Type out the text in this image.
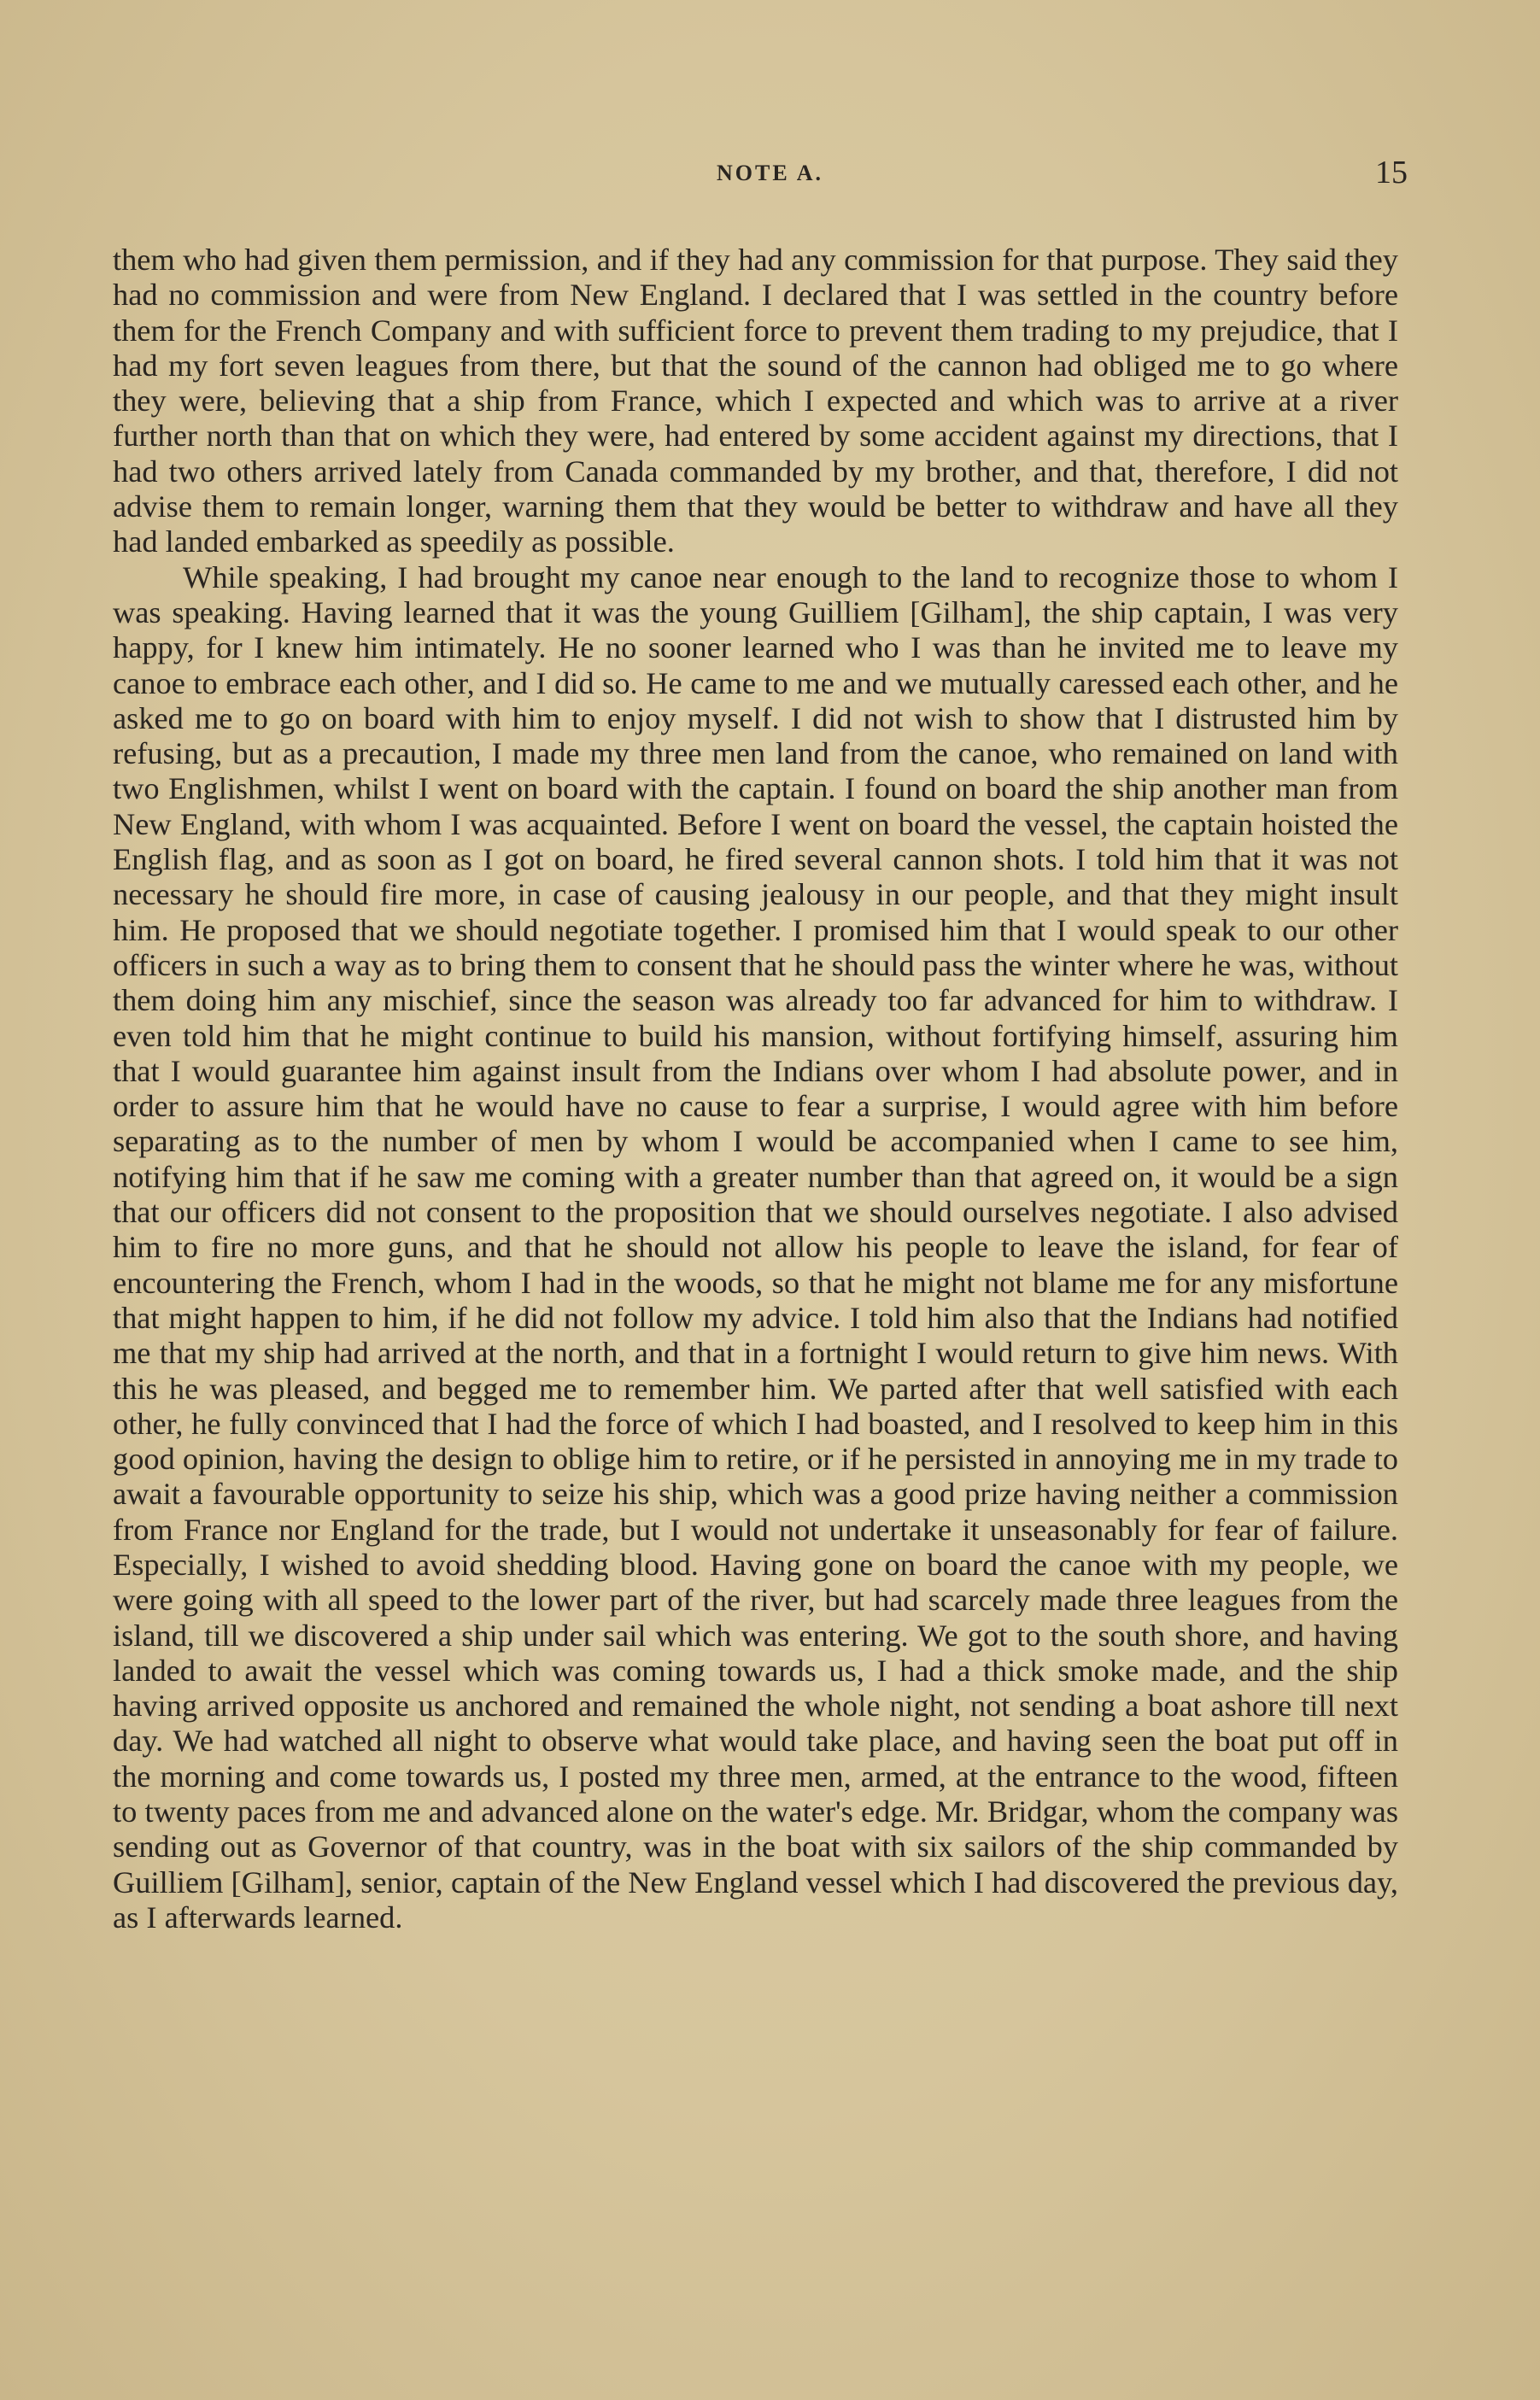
NOTE A.	15

them who had given them permission, and if they had any commission for that purpose. They said they had no commission and were from New England. I declared that I was settled in the country before them for the French Company and with sufficient force to prevent them trading to my prejudice, that I had my fort seven leagues from there, but that the sound of the cannon had obliged me to go where they were, believing that a ship from France, which I expected and which was to arrive at a river further north than that on which they were, had entered by some accident against my directions, that I had two others arrived lately from Canada commanded by my brother, and that, therefore, I did not advise them to remain longer, warning them that they would be better to withdraw and have all they had landed embarked as speedily as possible.

While speaking, I had brought my canoe near enough to the land to recognize those to whom I was speaking. Having learned that it was the young Guilliem [Gilham], the ship captain, I was very happy, for I knew him intimately. He no sooner learned who I was than he invited me to leave my canoe to embrace each other, and I did so. He came to me and we mutually caressed each other, and he asked me to go on board with him to enjoy myself. I did not wish to show that I distrusted him by refusing, but as a precaution, I made my three men land from the canoe, who remained on land with two Englishmen, whilst I went on board with the captain. I found on board the ship another man from New England, with whom I was acquainted. Before I went on board the vessel, the captain hoisted the English flag, and as soon as I got on board, he fired several cannon shots. I told him that it was not necessary he should fire more, in case of causing jealousy in our people, and that they might insult him. He proposed that we should negotiate together. I promised him that I would speak to our other officers in such a way as to bring them to consent that he should pass the winter where he was, without them doing him any mischief, since the season was already too far advanced for him to withdraw. I even told him that he might continue to build his mansion, without fortifying himself, assuring him that I would guarantee him against insult from the Indians over whom I had absolute power, and in order to assure him that he would have no cause to fear a surprise, I would agree with him before separating as to the number of men by whom I would be accompanied when I came to see him, notifying him that if he saw me coming with a greater number than that agreed on, it would be a sign that our officers did not consent to the proposition that we should ourselves negotiate. I also advised him to fire no more guns, and that he should not allow his people to leave the island, for fear of encountering the French, whom I had in the woods, so that he might not blame me for any misfortune that might happen to him, if he did not follow my advice. I told him also that the Indians had notified me that my ship had arrived at the north, and that in a fortnight I would return to give him news. With this he was pleased, and begged me to remember him. We parted after that well satisfied with each other, he fully convinced that I had the force of which I had boasted, and I resolved to keep him in this good opinion, having the design to oblige him to retire, or if he persisted in annoying me in my trade to await a favourable opportunity to seize his ship, which was a good prize having neither a commission from France nor England for the trade, but I would not undertake it unseasonably for fear of failure. Especially, I wished to avoid shedding blood. Having gone on board the canoe with my people, we were going with all speed to the lower part of the river, but had scarcely made three leagues from the island, till we discovered a ship under sail which was entering. We got to the south shore, and having landed to await the vessel which was coming towards us, I had a thick smoke made, and the ship having arrived opposite us anchored and remained the whole night, not sending a boat ashore till next day. We had watched all night to observe what would take place, and having seen the boat put off in the morning and come towards us, I posted my three men, armed, at the entrance to the wood, fifteen to twenty paces from me and advanced alone on the water's edge. Mr. Bridgar, whom the company was sending out as Governor of that country, was in the boat with six sailors of the ship commanded by Guilliem [Gilham], senior, captain of the New England vessel which I had discovered the previous day, as I afterwards learned.
